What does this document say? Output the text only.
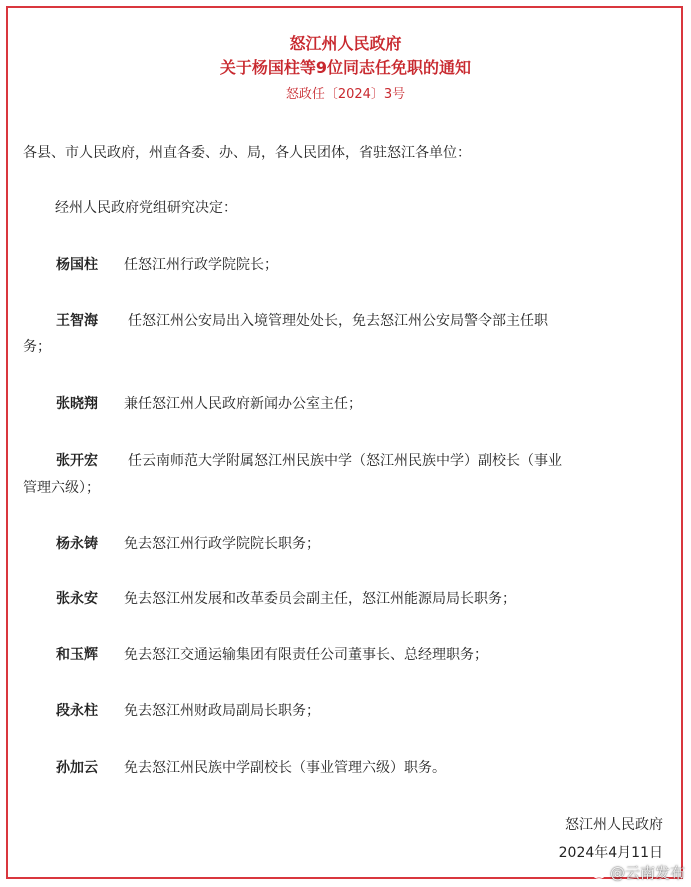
怒江州人民政府
关于杨国柱等9位同志任免职的通知
怒政任〔2024〕3号

各县、市人民政府，州直各委、办、局，各人民团体，省驻怒江各单位：

经州人民政府党组研究决定：

杨国柱 任怒江州行政学院院长；
王智海 任怒江州公安局出入境管理处处长，免去怒江州公安局警令部主任职
务；
张晓翔 兼任怒江州人民政府新闻办公室主任；
张开宏 任云南师范大学附属怒江州民族中学（怒江州民族中学）副校长（事业
管理六级）；
杨永铸 免去怒江州行政学院院长职务；
张永安 免去怒江州发展和改革委员会副主任，怒江州能源局局长职务；
和玉辉 免去怒江交通运输集团有限责任公司董事长、总经理职务；
段永柱 免去怒江州财政局副局长职务；
孙加云 免去怒江州民族中学副校长（事业管理六级）职务。
怒江州人民政府
2024年4月11日
@云南发布
